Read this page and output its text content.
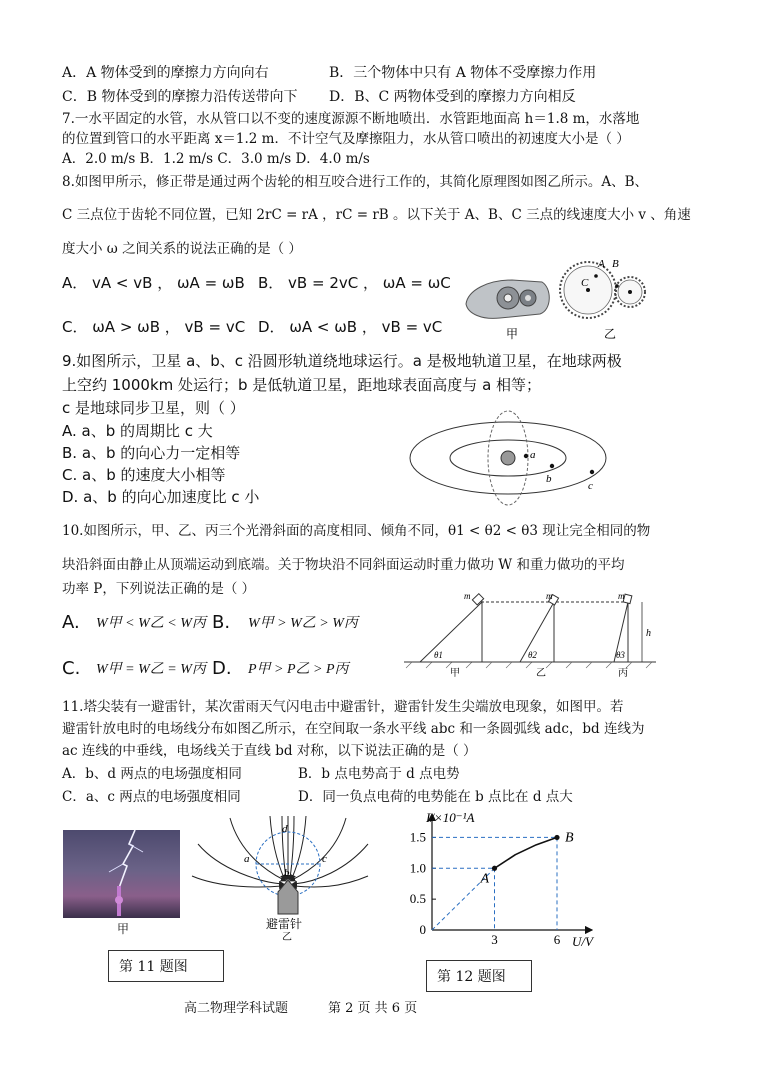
A．A 物体受到的摩擦力方向向右	B．三个物体中只有 A 物体不受摩擦力作用
C．B 物体受到的摩擦力沿传送带向下 D．B、C 两物体受到的摩擦力方向相反
7.一水平固定的水管，水从管口以不变的速度源源不断地喷出．水管距地面高 h＝1.8 m，水落地
的位置到管口的水平距离 x＝1.2 m．不计空气及摩擦阻力，水从管口喷出的初速度大小是（ ）
A．2.0 m/s B．1.2 m/s C．3.0 m/s D．4.0 m/s
8.如图甲所示，修正带是通过两个齿轮的相互咬合进行工作的，其简化原理图如图乙所示。A、B、
C 三点位于齿轮不同位置，已知 2rC = rA ，rC = rB 。以下关于 A、B、C 三点的线速度大小 v 、角速
度大小 ω 之间关系的说法正确的是（ ）
A． vA < vB ， ωA = ωB B． vB = 2vC ， ωA = ωC
C． ωA > ωB ， vB = vC D． ωA < ωB ， vB = vC	甲
C
A B
乙
9.如图所示，卫星 a、b、c 沿圆形轨道绕地球运行。a 是极地轨道卫星，在地球两极
上空约 1000km 处运行；b 是低轨道卫星，距地球表面高度与 a 相等；
c 是地球同步卫星，则（ ）
A. a、b 的周期比 c 大
B. a、b 的向心力一定相等
C. a、b 的速度大小相等
D. a、b 的向心加速度比 c 小
a
b
c
10.如图所示，甲、乙、丙三个光滑斜面的高度相同、倾角不同，θ1 < θ2 < θ3 现让完全相同的物
块沿斜面由静止从顶端运动到底端。关于物块沿不同斜面运动时重力做功 W 和重力做功的平均
功率 P，下列说法正确的是（ ）
A. W甲 < W乙 < W丙 B. W甲 > W乙 > W丙
C. W甲 = W乙 = W丙 D. P甲 > P乙 > P丙
m	m	m
h
θ1	θ2	θ3
甲	乙	丙
11.塔尖装有一避雷针，某次雷雨天气闪电击中避雷针，避雷针发生尖端放电现象，如图甲。若
避雷针放电时的电场线分布如图乙所示，在空间取一条水平线 abc 和一条圆弧线 adc，bd 连线为
ac 连线的中垂线，电场线关于直线 bd 对称，以下说法正确的是（ ）
A．b、d 两点的电场强度相同	B．b 点电势高于 d 点电势
C．a、c 两点的电场强度相同	D．同一负点电荷的电势能在 b 点比在 d 点大
甲
d
a
b
c
避雷针
乙
第 11 题图
0
0.5
1.0
1.5
3	6
A
B
I/×10⁻¹A
U/V
第 12 题图
高二物理学科试题	第 2 页 共 6 页
